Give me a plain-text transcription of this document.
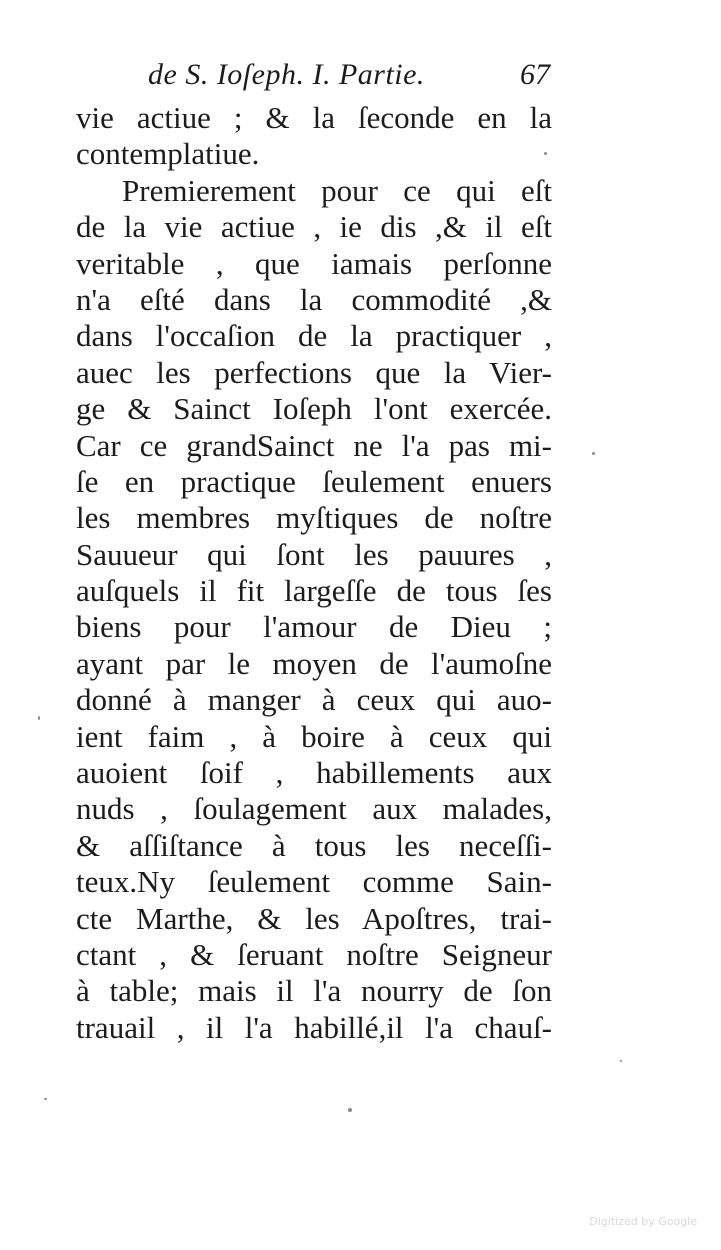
de S. Ioſeph. I. Partie.	67
vie actiue ; & la ſeconde en la
contemplatiue.
Premierement pour ce qui eſt
de la vie actiue , ie dis ,& il eſt
veritable , que iamais perſonne
n'a eſté dans la commodité ,&
dans l'occaſion de la practiquer ,
auec les perfections que la Vier-
ge & Sainct Ioſeph l'ont exercée.
Car ce grandSainct ne l'a pas mi-
ſe en practique ſeulement enuers
les membres myſtiques de noſtre
Sauueur qui ſont les pauures ,
auſquels il fit largeſſe de tous ſes
biens pour l'amour de Dieu ;
ayant par le moyen de l'aumoſne
donné à manger à ceux qui auo-
ient faim , à boire à ceux qui
auoient ſoif , habillements aux
nuds , ſoulagement aux malades,
& aſſiſtance à tous les neceſſi-
teux.Ny ſeulement comme Sain-
cte Marthe, & les Apoſtres, trai-
ctant , & ſeruant noſtre Seigneur
à table; mais il l'a nourry de ſon
trauail , il l'a habillé,il l'a chauſ-
Digitized by Google
